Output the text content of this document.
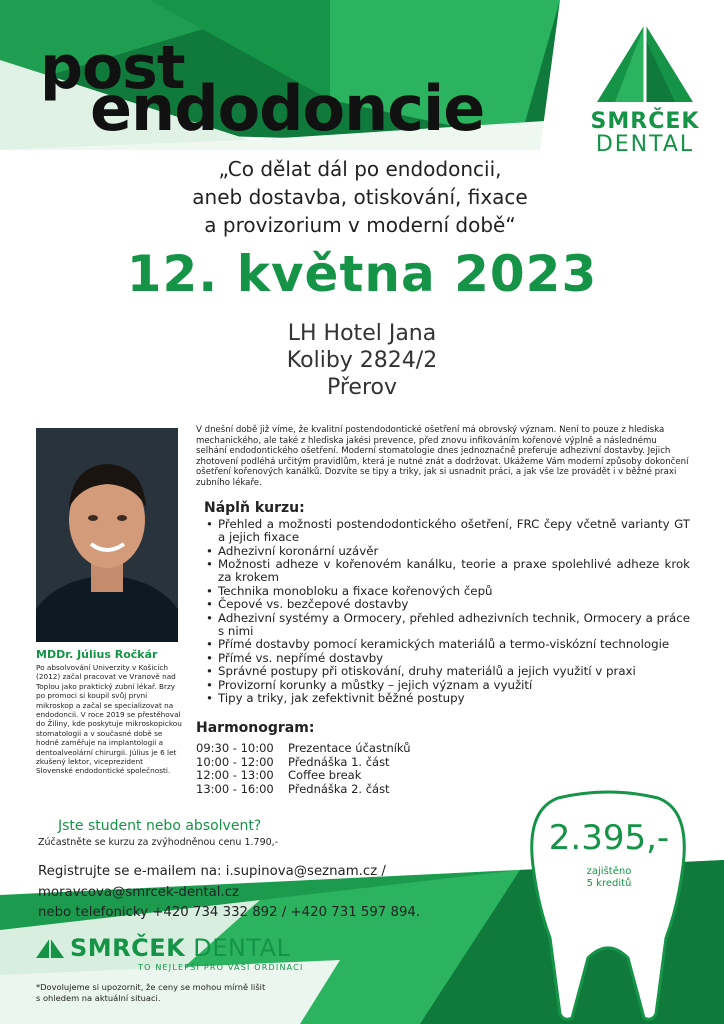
post
endodoncie	SMRČEK
DENTAL
„Co dělat dál po endodoncii,
aneb dostavba, otiskování, fixace
a provizorium v moderní době“
12. května 2023
LH Hotel Jana
Koliby 2824/2
Přerov
MDDr. Július Ročkár
Po absolvování Univerzity v Košicích (2012) začal pracovat ve Vranově nad Toplou jako praktický zubní lékař. Brzy po promoci si koupil svůj první mikroskop a začal se specializovat na endodoncii. V roce 2019 se přestěhoval do Žiliny, kde poskytuje mikroskopickou stomatologii a v současné době se hodně zaměřuje na implantologii a dentoalveolární chirurgii. Július je 6 let zkušený lektor, viceprezident Slovenské endodontické společnosti.
V dnešní době již víme, že kvalitní postendodontické ošetření má obrovský význam. Není to pouze z hlediska mechanického, ale také z hlediska jakési prevence, před znovu infikováním kořenové výplně a následnému selhání endodontického ošetření. Moderní stomatologie dnes jednoznačně preferuje adhezivní dostavby. Jejich zhotovení podléhá určitým pravidlům, která je nutné znát a dodržovat. Ukážeme Vám moderní způsoby dokončení ošetření kořenových kanálků. Dozvíte se tipy a triky, jak si usnadnit práci, a jak vše lze provádět i v běžné praxi zubního lékaře.
Náplň kurzu:
• Přehled a možnosti postendodontického ošetření, FRC čepy včetně varianty GT a jejich fixace
• Adhezivní koronární uzávěr
• Možnosti adheze v kořenovém kanálku, teorie a praxe spolehlivé adheze krok za krokem
• Technika monobloku a fixace kořenových čepů
• Čepové vs. bezčepové dostavby
• Adhezivní systémy a Ormocery, přehled adhezivních technik, Ormocery a práce s nimi
• Přímé dostavby pomocí keramických materiálů a termo-viskózní technologie
• Přímé vs. nepřímé dostavby
• Správné postupy při otiskování, druhy materiálů a jejich využití v praxi
• Provizorní korunky a můstky – jejich význam a využití
• Tipy a triky, jak zefektivnit běžné postupy
Harmonogram:
09:30 - 10:00	Prezentace účastníků
10:00 - 12:00	Přednáška 1. část
12:00 - 13:00	Coffee break
13:00 - 16:00	Přednáška 2. část
Jste student nebo absolvent?
Zúčastněte se kurzu za zvýhodněnou cenu 1.790,-
Registrujte se e-mailem na: i.supinova@seznam.cz /
moravcova@smrcek-dental.cz
nebo telefonicky +420 734 332 892 / +420 731 597 894.
2.395,-
zajištěno
5 kreditů
SMRČEK DENTAL
TO NEJLEPŠÍ PRO VAŠI ORDINACI
*Dovolujeme si upozornit, že ceny se mohou mírně lišit s ohledem na aktuální situaci.
